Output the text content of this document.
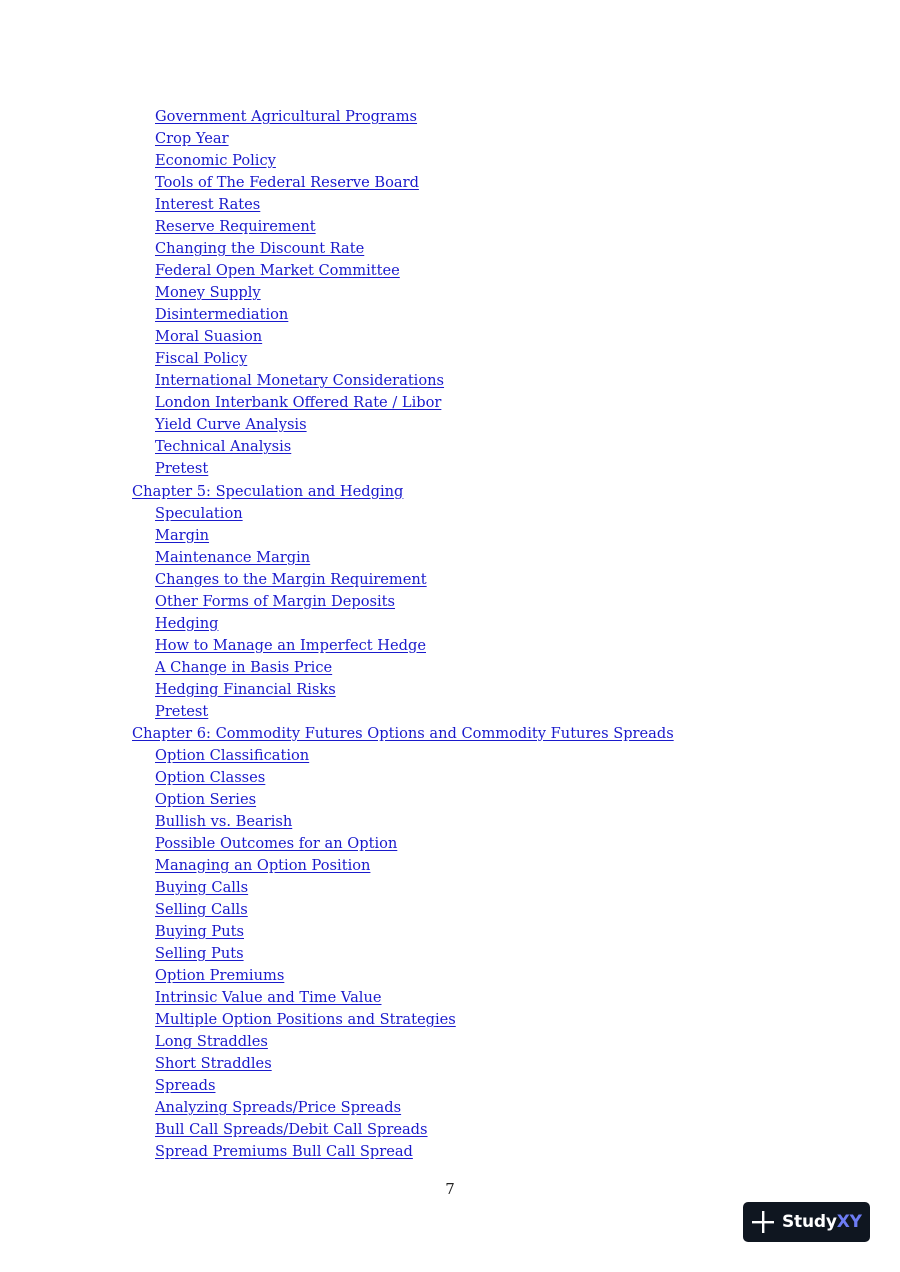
Government Agricultural Programs
Crop Year
Economic Policy
Tools of The Federal Reserve Board
Interest Rates
Reserve Requirement
Changing the Discount Rate
Federal Open Market Committee
Money Supply
Disintermediation
Moral Suasion
Fiscal Policy
International Monetary Considerations
London Interbank Offered Rate / Libor
Yield Curve Analysis
Technical Analysis
Pretest
Chapter 5: Speculation and Hedging
Speculation
Margin
Maintenance Margin
Changes to the Margin Requirement
Other Forms of Margin Deposits
Hedging
How to Manage an Imperfect Hedge
A Change in Basis Price
Hedging Financial Risks
Pretest
Chapter 6: Commodity Futures Options and Commodity Futures Spreads
Option Classification
Option Classes
Option Series
Bullish vs. Bearish
Possible Outcomes for an Option
Managing an Option Position
Buying Calls
Selling Calls
Buying Puts
Selling Puts
Option Premiums
Intrinsic Value and Time Value
Multiple Option Positions and Strategies
Long Straddles
Short Straddles
Spreads
Analyzing Spreads/Price Spreads
Bull Call Spreads/Debit Call Spreads
Spread Premiums Bull Call Spread
7
StudyXY
